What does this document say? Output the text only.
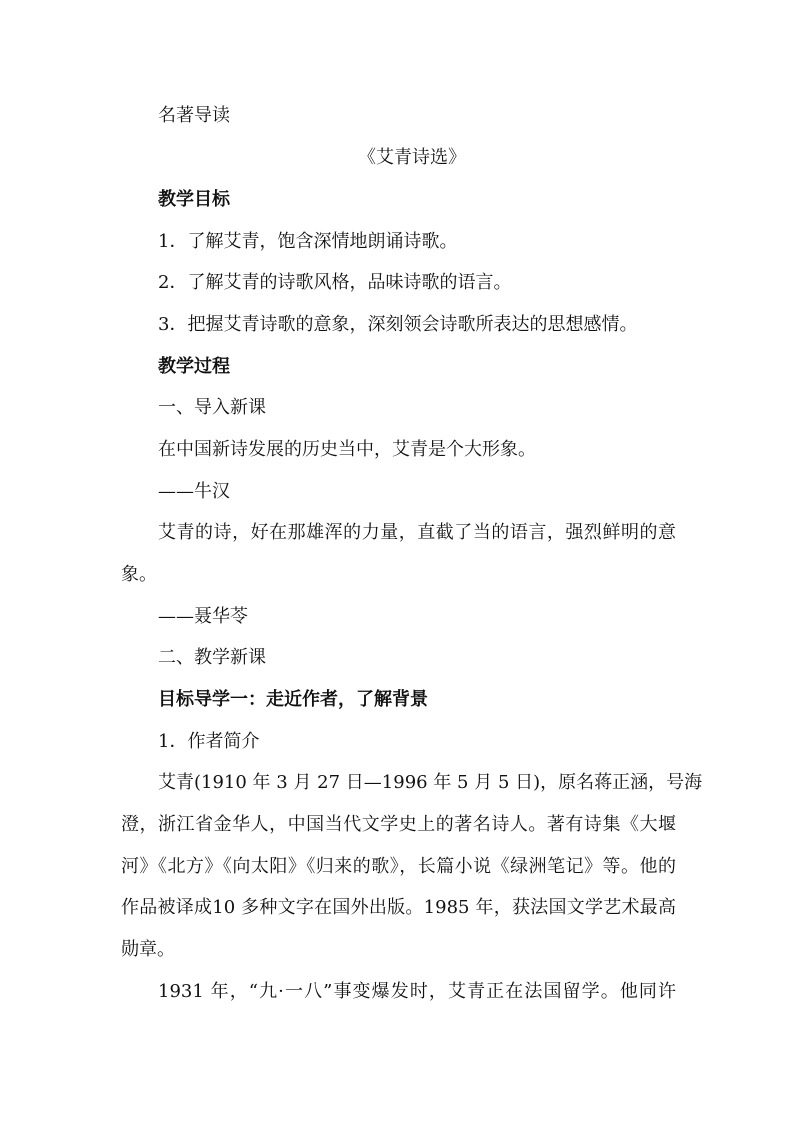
名著导读

《艾青诗选》

教学目标

1．了解艾青，饱含深情地朗诵诗歌。

2．了解艾青的诗歌风格，品味诗歌的语言。

3．把握艾青诗歌的意象，深刻领会诗歌所表达的思想感情。

教学过程

一、导入新课

在中国新诗发展的历史当中，艾青是个大形象。

——牛汉

艾青的诗，好在那雄浑的力量，直截了当的语言，强烈鲜明的意

象。

——聂华苓

二、教学新课

目标导学一：走近作者，了解背景

1．作者简介

艾青(1910 年 3 月 27 日—1996 年 5 月 5 日)，原名蒋正涵，号海

澄，浙江省金华人，中国当代文学史上的著名诗人。著有诗集《大堰

河》《北方》《向太阳》《归来的歌》，长篇小说《绿洲笔记》等。他的

作品被译成10 多种文字在国外出版。1985 年，获法国文学艺术最高

勋章。

1931 年，“九·一八”事变爆发时，艾青正在法国留学。他同许
